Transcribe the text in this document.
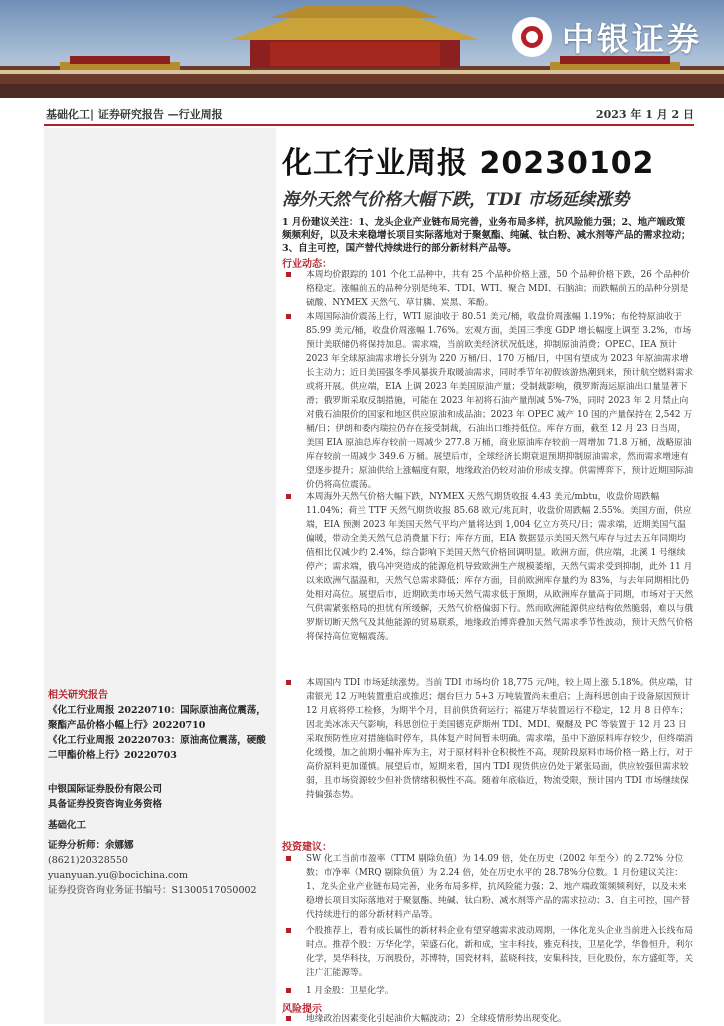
中银证券
基础化工| 证券研究报告 —行业周报	2023 年 1 月 2 日
相关研究报告
《化工行业周报 20220710：国际原油高位震荡，聚酯产品价格小幅上行》20220710
《化工行业周报 20220703：原油高位震荡，硬酸二甲酯价格上行》20220703
中银国际证券股份有限公司
具备证券投资咨询业务资格
基础化工
证券分析师：余娜娜
(8621)20328550
yuanyuan.yu@bocichina.com
证券投资咨询业务证书编号：S1300517050002
化工行业周报 20230102
海外天然气价格大幅下跌，TDI 市场延续涨势
1 月份建议关注：1、龙头企业产业链布局完善，业务布局多样，抗风险能力强；2、地产端政策频频利好，以及未来稳增长项目实际落地对于聚氨酯、纯碱、钛白粉、减水剂等产品的需求拉动；3、自主可控，国产替代持续进行的部分新材料产品等。
行业动态：
本周均价跟踪的 101 个化工品种中，共有 25 个品种价格上涨，50 个品种价格下跌，26 个品种价格稳定。涨幅前五的品种分别是纯苯、TDI、WTI、聚合 MDI、石脑油；而跌幅前五的品种分别是硫酸、NYMEX 天然气、草甘膦、炭黑、苯酚。
本周国际油价震荡上行，WTI 原油收于 80.51 美元/桶，收盘价周涨幅 1.19%；布伦特原油收于 85.99 美元/桶，收盘价周涨幅 1.76%。宏观方面，美国三季度 GDP 增长幅度上调至 3.2%，市场预计美联储仍将保持加息。需求端，当前欧美经济状况低迷，抑制原油消费；OPEC、IEA 预计 2023 年全球原油需求增长分别为 220 万桶/日、170 万桶/日，中国有望成为 2023 年原油需求增长主动力；近日美国强冬季风暴拔升取暖油需求，同时季节年初假该游热潮到来，预计航空燃料需求或将开展。供应端，EIA 上调 2023 年美国原油产量；受制裁影响，俄罗斯海运原油出口量显著下滑；俄罗斯采取反制措施，可能在 2023 年初将石油产量削减 5%-7%，同时 2023 年 2 月禁止向对俄石油限价的国家和地区供应原油和成品油；2023 年 OPEC 减产 10 国的产量保持在 2,542 万桶/日；伊朗和委内瑞拉仍存在接受制裁，石油出口维持低位。库存方面，截至 12 月 23 日当周，美国 EIA 原油总库存较前一周减少 277.8 万桶，商业原油库存较前一周增加 71.8 万桶，战略原油库存较前一周减少 349.6 万桶。展望后市，全球经济长期衰退预期抑制原油需求，然而需求增速有望逐步提升；原油供给上涨幅度有限，地缘政治仍较对油价形成支撑。供需博弈下，预计近期国际油价仍将高位震荡。
本周海外天然气价格大幅下跌，NYMEX 天然气期货收报 4.43 美元/mbtu，收盘价周跌幅 11.04%；荷兰 TTF 天然气期货收报 85.68 欧元/兆瓦时，收盘价周跌幅 2.55%。美国方面，供应端，EIA 预测 2023 年美国天然气平均产量将达到 1,004 亿立方英尺/日；需求端，近期美国气温偏暖，带动全美天然气总消费量下行；库存方面，EIA 数据显示美国天然气库存与过去五年同期均值相比仅减少约 2.4%，综合影响下美国天然气价格回调明显。欧洲方面，供应端，北溪 1 号继续停产；需求端，俄乌冲突造成的能源危机导致欧洲生产规模萎缩，天然气需求受到抑制，此外 11 月以来欧洲气温温和，天然气总需求降低；库存方面，目前欧洲库存量约为 83%，与去年同期相比仍处相对高位。展望后市，近期欧美市场天然气需求低于预期，从欧洲库存量高于同期，市场对于天然气供需紧张格局的担忧有所缓解，天然气价格偏弱下行。然而欧洲能源供应结构依然脆弱，难以与俄罗斯切断天然气及其他能源的贸易联系，地缘政治博弈叠加天然气需求季节性波动，预计天然气价格将保持高位宽幅震荡。
本周国内 TDI 市场延续涨势。当前 TDI 市场均价 18,775 元/吨，较上周上涨 5.18%。供应端，甘肃银光 12 万吨装置重启或推迟；烟台巨力 5+3 万吨装置尚未重启；上海科思创由于设备原因预计 12 月底将停工检修，为期半个月，目前供货荷运行；福建万华装置运行不稳定，12 月 8 日停车；因北美冰冻天气影响，科思创位于美国德克萨斯州 TDI、MDI、聚醚及 PC 等装置于 12 月 23 日采取预防性应对措施临时停车，具体复产时间暂未明确。需求端，虽中下游原料库存较少，但终端消化缓慢，加之前期小幅补库为主，对于原材料补仓积极性不高，现阶段原料市场价格一路上行，对于高价原料更加谨慎。展望后市，短期来看，国内 TDI 现货供应仍处于紧张局面，供应较强但需求较弱，且市场资源较少但补货情绪积极性不高。随着年底临近，物流受限，预计国内 TDI 市场继续保持偏强态势。
投资建议：
SW 化工当前市盈率（TTM 剔除负值）为 14.09 倍，处在历史（2002 年至今）的 2.72% 分位数；市净率（MRQ 剔除负值）为 2.24 倍，处在历史水平的 28.78%分位数。1 月份建议关注：1、龙头企业产业链布局完善，业务布局多样，抗风险能力强；2、地产端政策频频利好，以及未来稳增长项目实际落地对于聚氨酯、纯碱、钛白粉、减水剂等产品的需求拉动；3、自主可控，国产替代持续进行的部分新材料产品等。
个股推荐上，看有成长属性的新材料企业有望穿越需求波动周期，一体化龙头企业当前进入长线布局时点。推荐个股：万华化学，荣盛石化，新和成，宝丰科技，雅克科技，卫星化学，华鲁恒升，利尔化学，昊华科技，万润股份，苏博特，国瓷材料，蓝晓科技，安集科技，巨化股份，东方盛虹等，关注广汇能源等。
1 月金股：卫星化学。
风险提示
地缘政治因素变化引起油价大幅波动；2）全球疫情形势出现变化。
